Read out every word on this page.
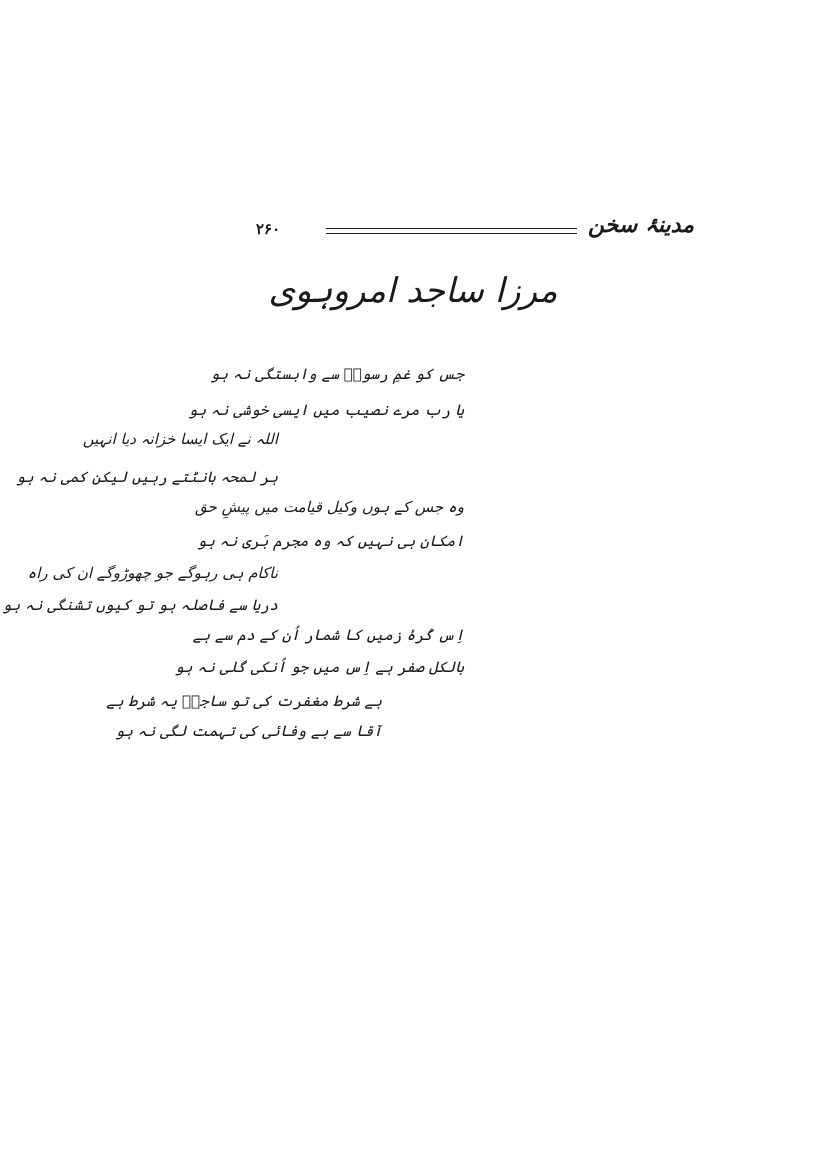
مدینۂ سخن
۲۶۰
مرزا ساجد امروہوی
جس کو غمِ رسولؐ سے وابستگی نہ ہو
یا رب مرے نصیب میں ایسی خوشی نہ ہو
اللہ نے ایک ایسا خزانہ دیا انہیں
ہر لمحہ بانٹتے رہیں لیکن کمی نہ ہو
وہ جس کے ہوں وکیل قیامت میں پیشِ حق
امکان ہی نہیں کہ وہ مجرم بَری نہ ہو
ناکام ہی رہوگے جو چھوڑوگے ان کی راہ
دریا سے فاصلہ ہو تو کیوں تشنگی نہ ہو
اِس کُرۂ زمیں کا شمار اُن کے دم سے ہے
بالکل صفر ہے اِس میں جو اُنکی گلی نہ ہو
بے شرط مغفرت کی تو ساجدؔ یہ شرط ہے
آقا سے بے وفائی کی تہمت لگی نہ ہو
